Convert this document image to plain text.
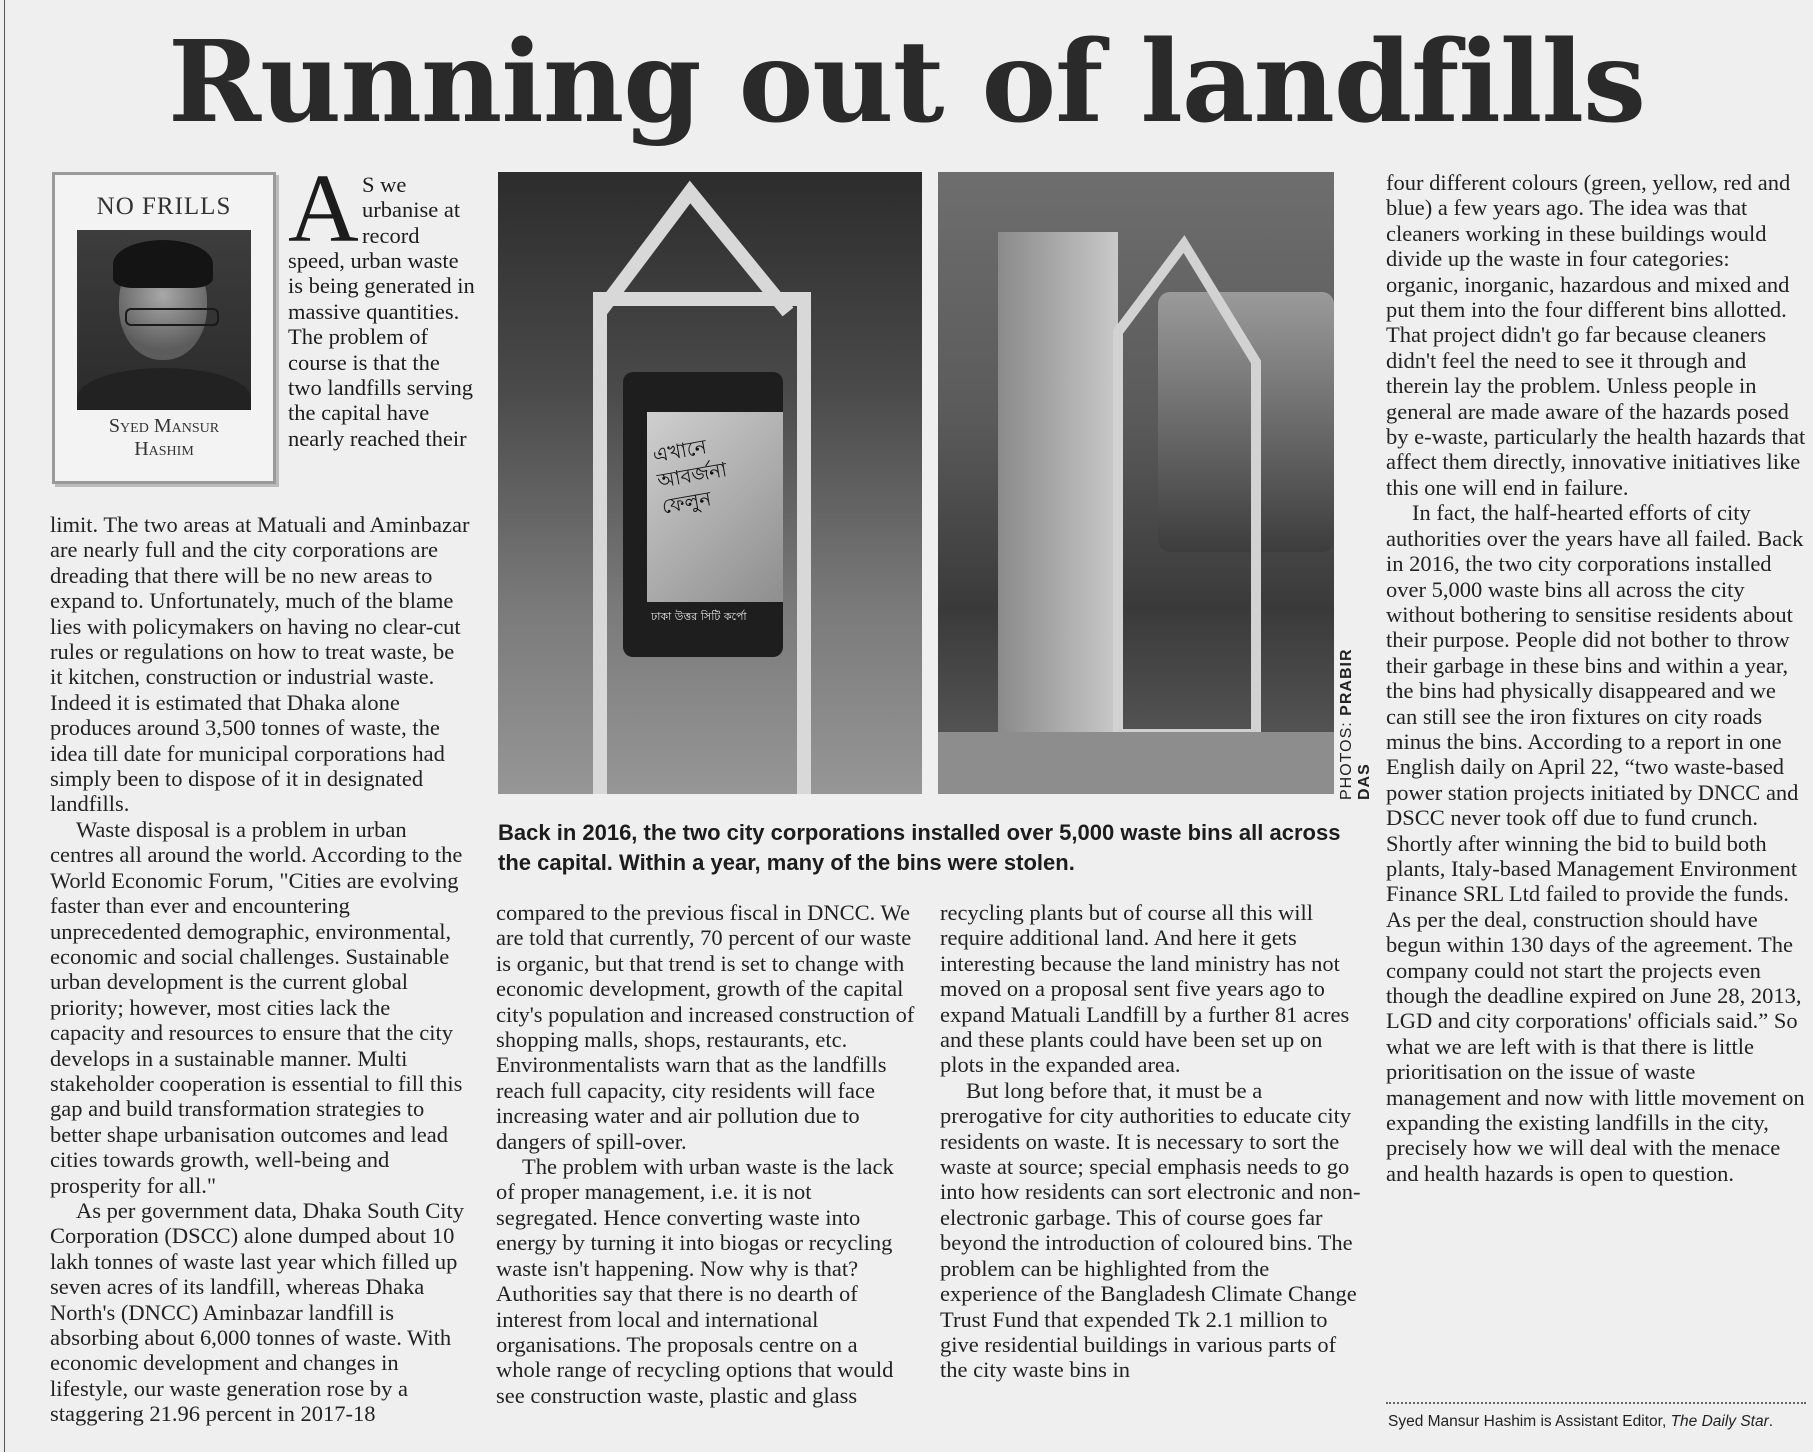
Running out of landfills
NO FRILLS
Syed Mansur
Hashim
A S we urbanise at record
speed, urban waste is being generated in massive quantities. The problem of course is that the two landfills serving the capital have nearly reached their	এখানে
আবর্জনা
ফেলুন
ঢাকা উত্তর সিটি কর্পো
PHOTOS: PRABIR DAS
Back in 2016, the two city corporations installed over 5,000 waste bins all across the capital. Within a year, many of the bins were stolen.

limit. The two areas at Matuali and Aminbazar are nearly full and the city corporations are dreading that there will be no new areas to expand to. Unfortunately, much of the blame lies with policymakers on having no clear-cut rules or regulations on how to treat waste, be it kitchen, construction or industrial waste. Indeed it is estimated that Dhaka alone produces around 3,500 tonnes of waste, the idea till date for municipal corporations had simply been to dispose of it in designated landfills.

Waste disposal is a problem in urban centres all around the world. According to the World Economic Forum, "Cities are evolving faster than ever and encountering unprecedented demographic, environmental, economic and social challenges. Sustainable urban development is the current global priority; however, most cities lack the capacity and resources to ensure that the city develops in a sustainable manner. Multi stakeholder cooperation is essential to fill this gap and build transformation strategies to better shape urbanisation outcomes and lead cities towards growth, well-being and prosperity for all."

As per government data, Dhaka South City Corporation (DSCC) alone dumped about 10 lakh tonnes of waste last year which filled up seven acres of its landfill, whereas Dhaka North's (DNCC) Aminbazar landfill is absorbing about 6,000 tonnes of waste. With economic development and changes in lifestyle, our waste generation rose by a staggering 21.96 percent in 2017-18

compared to the previous fiscal in DNCC. We are told that currently, 70 percent of our waste is organic, but that trend is set to change with economic development, growth of the capital city's population and increased construction of shopping malls, shops, restaurants, etc. Environmentalists warn that as the landfills reach full capacity, city residents will face increasing water and air pollution due to dangers of spill-over.

The problem with urban waste is the lack of proper management, i.e. it is not segregated. Hence converting waste into energy by turning it into biogas or recycling waste isn't happening. Now why is that? Authorities say that there is no dearth of interest from local and international organisations. The proposals centre on a whole range of recycling options that would see construction waste, plastic and glass

recycling plants but of course all this will require additional land. And here it gets interesting because the land ministry has not moved on a proposal sent five years ago to expand Matuali Landfill by a further 81 acres and these plants could have been set up on plots in the expanded area.

But long before that, it must be a prerogative for city authorities to educate city residents on waste. It is necessary to sort the waste at source; special emphasis needs to go into how residents can sort electronic and non-electronic garbage. This of course goes far beyond the introduction of coloured bins. The problem can be highlighted from the experience of the Bangladesh Climate Change Trust Fund that expended Tk 2.1 million to give residential buildings in various parts of the city waste bins in

four different colours (green, yellow, red and blue) a few years ago. The idea was that cleaners working in these buildings would divide up the waste in four categories: organic, inorganic, hazardous and mixed and put them into the four different bins allotted. That project didn't go far because cleaners didn't feel the need to see it through and therein lay the problem. Unless people in general are made aware of the hazards posed by e-waste, particularly the health hazards that affect them directly, innovative initiatives like this one will end in failure.

In fact, the half-hearted efforts of city authorities over the years have all failed. Back in 2016, the two city corporations installed over 5,000 waste bins all across the city without bothering to sensitise residents about their purpose. People did not bother to throw their garbage in these bins and within a year, the bins had physically disappeared and we can still see the iron fixtures on city roads minus the bins. According to a report in one English daily on April 22, “two waste-based power station projects initiated by DNCC and DSCC never took off due to fund crunch. Shortly after winning the bid to build both plants, Italy-based Management Environment Finance SRL Ltd failed to provide the funds. As per the deal, construction should have begun within 130 days of the agreement. The company could not start the projects even though the deadline expired on June 28, 2013, LGD and city corporations' officials said.” So what we are left with is that there is little prioritisation on the issue of waste management and now with little movement on expanding the existing landfills in the city, precisely how we will deal with the menace and health hazards is open to question.

Syed Mansur Hashim is Assistant Editor, The Daily Star.
